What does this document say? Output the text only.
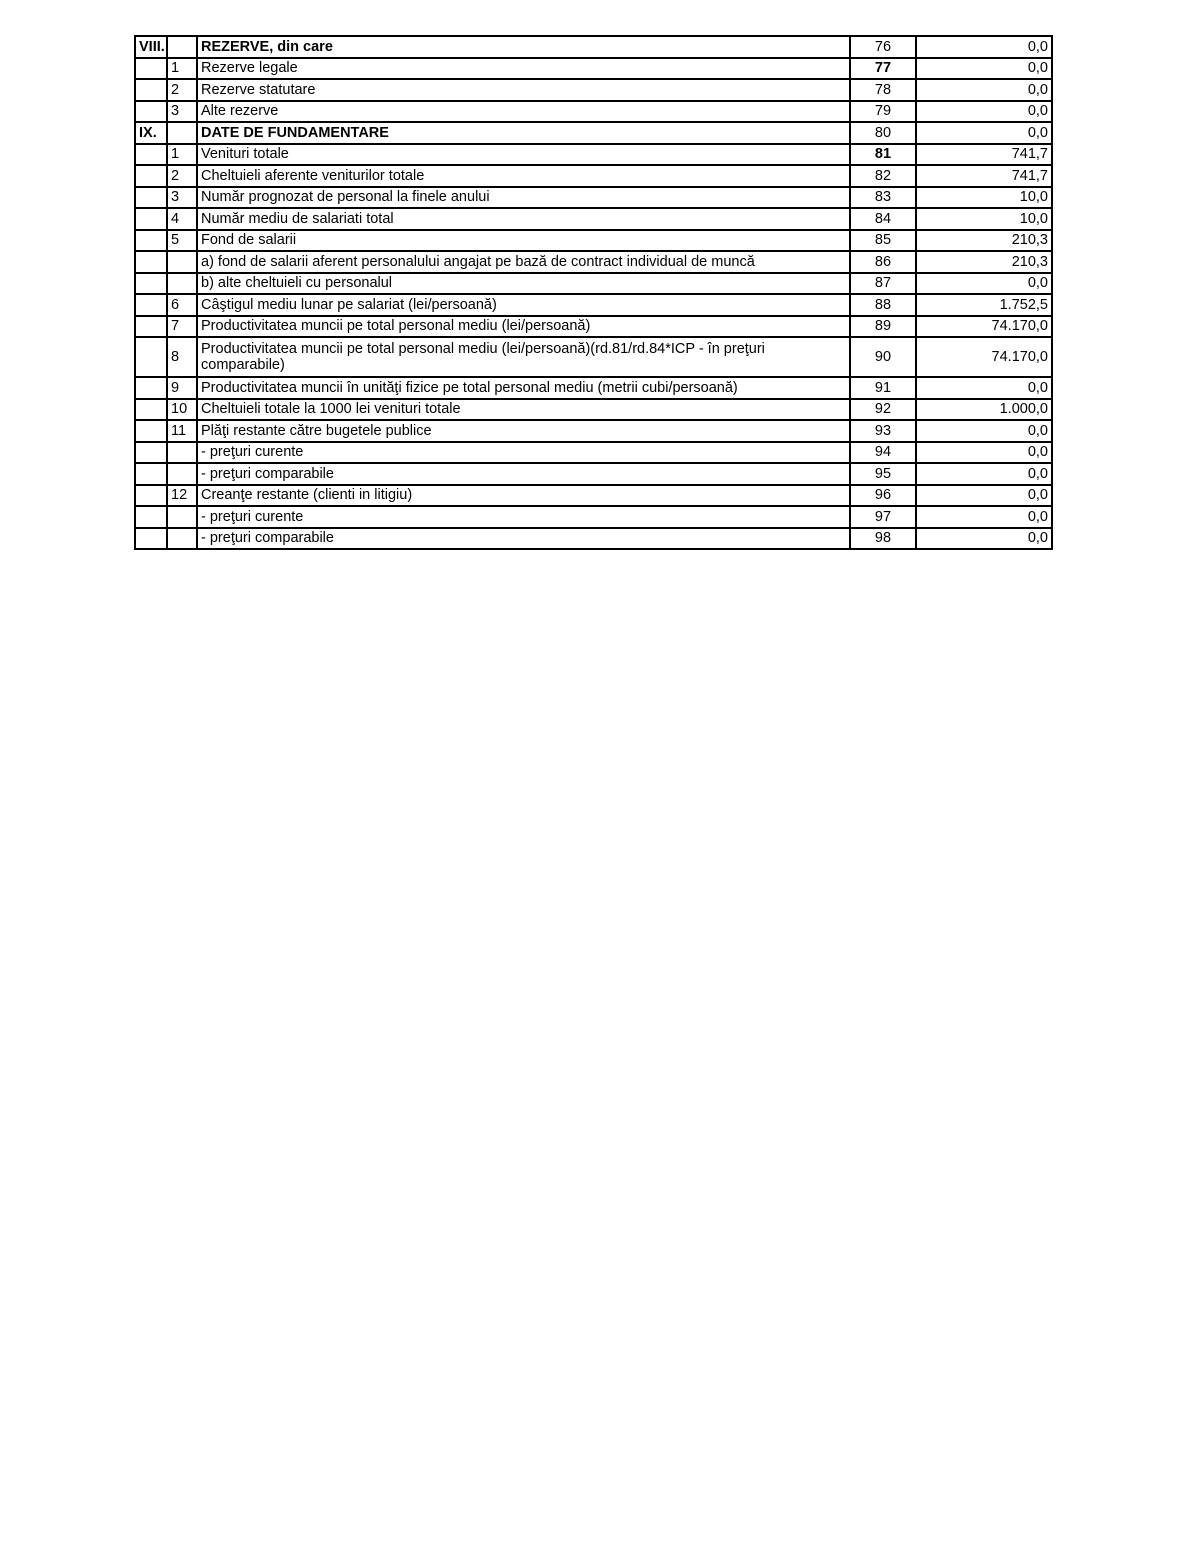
VIII.		REZERVE, din care	76	0,0
	1	Rezerve legale	77	0,0
	2	Rezerve statutare	78	0,0
	3	Alte rezerve	79	0,0
IX.		DATE DE FUNDAMENTARE	80	0,0
	1	Venituri totale	81	741,7
	2	Cheltuieli aferente veniturilor totale	82	741,7
	3	Număr prognozat de personal la finele anului	83	10,0
	4	Număr mediu de salariati total	84	10,0
	5	Fond de salarii	85	210,3
		a) fond de salarii aferent personalului angajat pe bază de contract individual de muncă	86	210,3
		b) alte cheltuieli cu personalul	87	0,0
	6	Câştigul mediu lunar pe salariat (lei/persoană)	88	1.752,5
	7	Productivitatea muncii pe total personal mediu (lei/persoană)	89	74.170,0
	8	Productivitatea muncii pe total personal mediu (lei/persoană)(rd.81/rd.84*ICP - în preţuri comparabile)	90	74.170,0
	9	Productivitatea muncii în unităţi fizice pe total personal mediu (metrii cubi/persoană)	91	0,0
	10	Cheltuieli totale la 1000 lei venituri totale	92	1.000,0
	11	Plăţi restante către bugetele publice	93	0,0
		- preţuri curente	94	0,0
		- preţuri comparabile	95	0,0
	12	Creanţe restante (clienti in litigiu)	96	0,0
		- preţuri curente	97	0,0
		- preţuri comparabile	98	0,0
